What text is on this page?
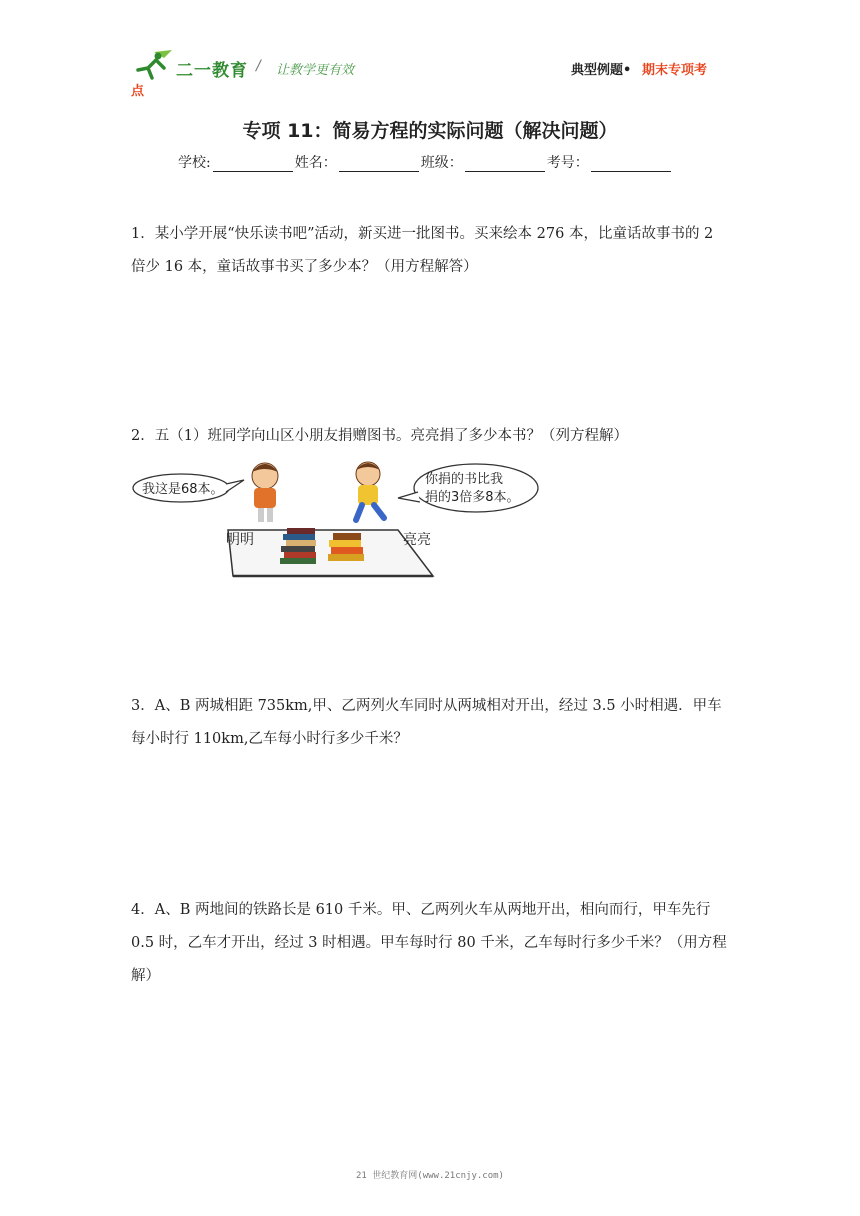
二一教育 / 让教学更有效	典型例题• 期末专项考
点
专项 11：简易方程的实际问题（解决问题）
学校:	姓名：	班级：	考号：
1．某小学开展“快乐读书吧”活动，新买进一批图书。买来绘本 276 本，比童话故事书的 2
倍少 16 本，童话故事书买了多少本？（用方程解答）
2．五（1）班同学向山区小朋友捐赠图书。亮亮捐了多少本书？（列方程解）
我这是68本。
你捐的书比我
捐的3倍多8本。
明明	亮亮
3．A、B 两城相距 735km,甲、乙两列火车同时从两城相对开出，经过 3.5 小时相遇．甲车
每小时行 110km,乙车每小时行多少千米？
4．A、B 两地间的铁路长是 610 千米。甲、乙两列火车从两地开出，相向而行，甲车先行
0.5 时，乙车才开出，经过 3 时相遇。甲车每时行 80 千米，乙车每时行多少千米？（用方程
解）
21 世纪教育网(www.21cnjy.com)
